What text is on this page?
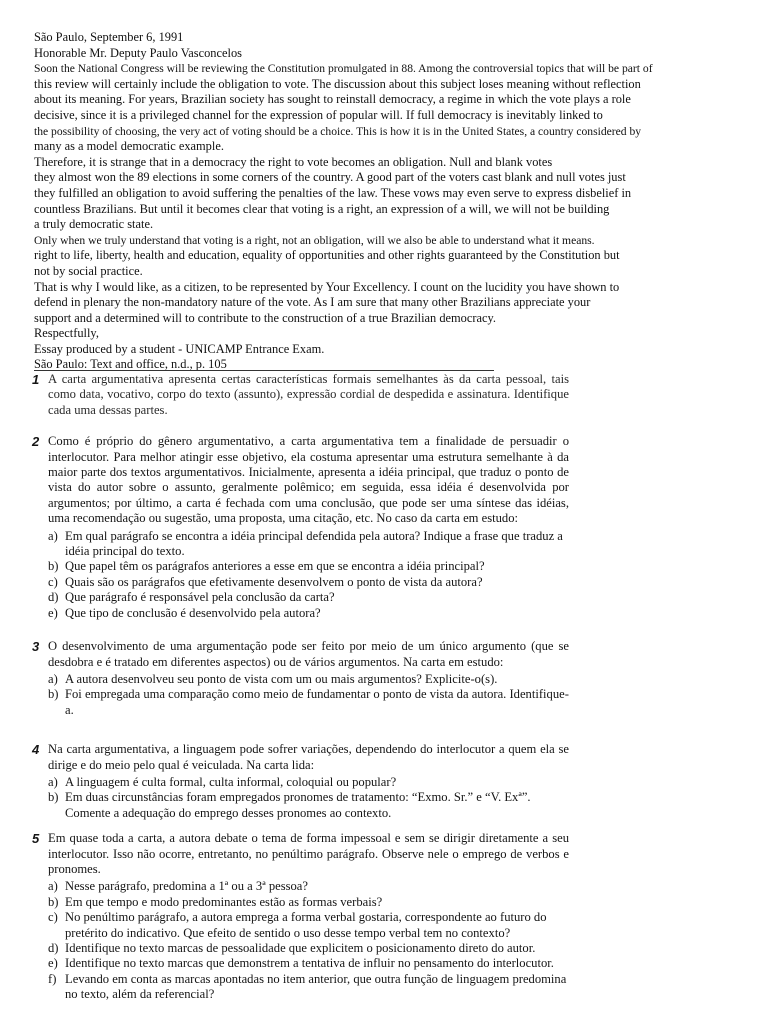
São Paulo, September 6, 1991

Honorable Mr. Deputy Paulo Vasconcelos

Soon the National Congress will be reviewing the Constitution promulgated in 88. Among the controversial topics that will be part of

this review will certainly include the obligation to vote. The discussion about this subject loses meaning without reflection

about its meaning. For years, Brazilian society has sought to reinstall democracy, a regime in which the vote plays a role

decisive, since it is a privileged channel for the expression of popular will. If full democracy is inevitably linked to

the possibility of choosing, the very act of voting should be a choice. This is how it is in the United States, a country considered by

many as a model democratic example.

Therefore, it is strange that in a democracy the right to vote becomes an obligation. Null and blank votes

they almost won the 89 elections in some corners of the country. A good part of the voters cast blank and null votes just

they fulfilled an obligation to avoid suffering the penalties of the law. These vows may even serve to express disbelief in

countless Brazilians. But until it becomes clear that voting is a right, an expression of a will, we will not be building

a truly democratic state.

Only when we truly understand that voting is a right, not an obligation, will we also be able to understand what it means.

right to life, liberty, health and education, equality of opportunities and other rights guaranteed by the Constitution but

not by social practice.

That is why I would like, as a citizen, to be represented by Your Excellency. I count on the lucidity you have shown to

defend in plenary the non-mandatory nature of the vote. As I am sure that many other Brazilians appreciate your

support and a determined will to contribute to the construction of a true Brazilian democracy.

Respectfully,

Essay produced by a student - UNICAMP Entrance Exam.

São Paulo: Text and office, n.d., p. 105

1 A carta argumentativa apresenta certas características formais semelhantes às da carta pessoal, tais como data, vocativo, corpo do texto (assunto), expressão cordial de despedida e assinatura. Identifique cada uma dessas partes.
2 Como é próprio do gênero argumentativo, a carta argumentativa tem a finalidade de persuadir o interlocutor. Para melhor atingir esse objetivo, ela costuma apresentar uma estrutura semelhante à da maior parte dos textos argumentativos. Inicialmente, apresenta a idéia principal, que traduz o ponto de vista do autor sobre o assunto, geralmente polêmico; em seguida, essa idéia é desenvolvida por argumentos; por último, a carta é fechada com uma conclusão, que pode ser uma síntese das idéias, uma recomendação ou sugestão, uma proposta, uma citação, etc. No caso da carta em estudo:
a) Em qual parágrafo se encontra a idéia principal defendida pela autora? Indique a frase que traduz a idéia principal do texto.
b) Que papel têm os parágrafos anteriores a esse em que se encontra a idéia principal?
c) Quais são os parágrafos que efetivamente desenvolvem o ponto de vista da autora?
d) Que parágrafo é responsável pela conclusão da carta?
e) Que tipo de conclusão é desenvolvido pela autora?
3 O desenvolvimento de uma argumentação pode ser feito por meio de um único argumento (que se desdobra e é tratado em diferentes aspectos) ou de vários argumentos. Na carta em estudo:
a) A autora desenvolveu seu ponto de vista com um ou mais argumentos? Explicite-o(s).
b) Foi empregada uma comparação como meio de fundamentar o ponto de vista da autora. Identifique-a.
4 Na carta argumentativa, a linguagem pode sofrer variações, dependendo do interlocutor a quem ela se dirige e do meio pelo qual é veiculada. Na carta lida:
a) A linguagem é culta formal, culta informal, coloquial ou popular?
b) Em duas circunstâncias foram empregados pronomes de tratamento: “Exmo. Sr.” e “V. Exª”. Comente a adequação do emprego desses pronomes ao contexto.
5 Em quase toda a carta, a autora debate o tema de forma impessoal e sem se dirigir diretamente a seu interlocutor. Isso não ocorre, entretanto, no penúltimo parágrafo. Observe nele o emprego de verbos e pronomes.
a) Nesse parágrafo, predomina a 1ª ou a 3ª pessoa?
b) Em que tempo e modo predominantes estão as formas verbais?
c) No penúltimo parágrafo, a autora emprega a forma verbal gostaria, correspondente ao futuro do pretérito do indicativo. Que efeito de sentido o uso desse tempo verbal tem no contexto?
d) Identifique no texto marcas de pessoalidade que explicitem o posicionamento direto do autor.
e) Identifique no texto marcas que demonstrem a tentativa de influir no pensamento do interlocutor.
f) Levando em conta as marcas apontadas no item anterior, que outra função de linguagem predomina no texto, além da referencial?
